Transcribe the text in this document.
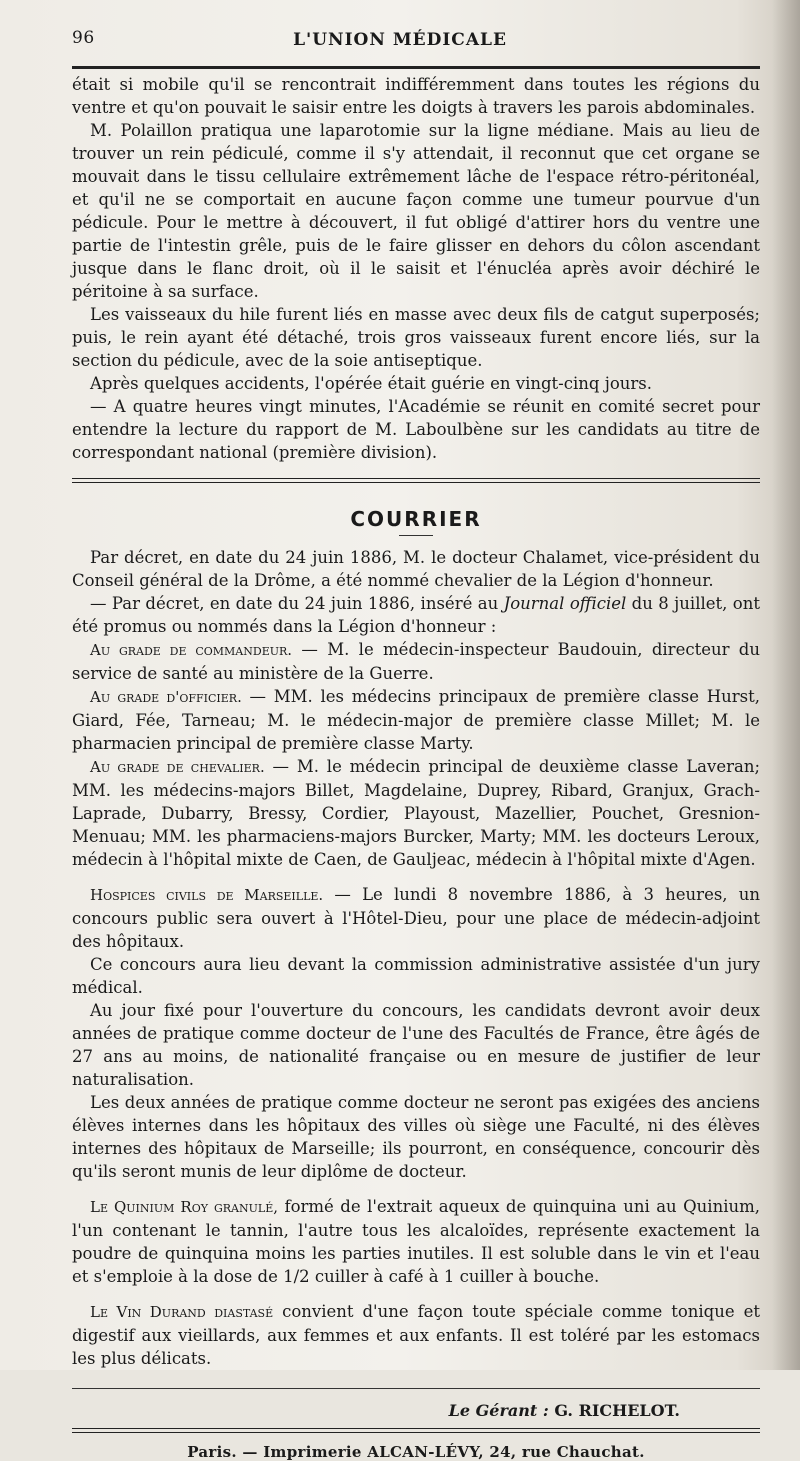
96	L'UNION MÉDICALE

était si mobile qu'il se rencontrait indifféremment dans toutes les régions du ventre et qu'on pouvait le saisir entre les doigts à travers les parois abdominales.

M. Polaillon pratiqua une laparotomie sur la ligne médiane. Mais au lieu de trouver un rein pédiculé, comme il s'y attendait, il reconnut que cet organe se mouvait dans le tissu cellulaire extrêmement lâche de l'espace rétro-péritonéal, et qu'il ne se comportait en aucune façon comme une tumeur pourvue d'un pédicule. Pour le mettre à découvert, il fut obligé d'attirer hors du ventre une partie de l'intestin grêle, puis de le faire glisser en dehors du côlon ascendant jusque dans le flanc droit, où il le saisit et l'énucléa après avoir déchiré le péritoine à sa surface.

Les vaisseaux du hile furent liés en masse avec deux fils de catgut superposés; puis, le rein ayant été détaché, trois gros vaisseaux furent encore liés, sur la section du pédicule, avec de la soie antiseptique.

Après quelques accidents, l'opérée était guérie en vingt-cinq jours.

— A quatre heures vingt minutes, l'Académie se réunit en comité secret pour entendre la lecture du rapport de M. Laboulbène sur les candidats au titre de correspondant national (première division).

COURRIER

Par décret, en date du 24 juin 1886, M. le docteur Chalamet, vice-président du Conseil général de la Drôme, a été nommé chevalier de la Légion d'honneur.

— Par décret, en date du 24 juin 1886, inséré au Journal officiel du 8 juillet, ont été promus ou nommés dans la Légion d'honneur :

Au grade de commandeur. — M. le médecin-inspecteur Baudouin, directeur du service de santé au ministère de la Guerre.

Au grade d'officier. — MM. les médecins principaux de première classe Hurst, Giard, Fée, Tarneau; M. le médecin-major de première classe Millet; M. le pharmacien principal de première classe Marty.

Au grade de chevalier. — M. le médecin principal de deuxième classe Laveran; MM. les médecins-majors Billet, Magdelaine, Duprey, Ribard, Granjux, Grach-Laprade, Dubarry, Bressy, Cordier, Playoust, Mazellier, Pouchet, Gresnion-Menuau; MM. les pharmaciens-majors Burcker, Marty; MM. les docteurs Leroux, médecin à l'hôpital mixte de Caen, de Gauljeac, médecin à l'hôpital mixte d'Agen.

Hospices civils de Marseille. — Le lundi 8 novembre 1886, à 3 heures, un concours public sera ouvert à l'Hôtel-Dieu, pour une place de médecin-adjoint des hôpitaux.

Ce concours aura lieu devant la commission administrative assistée d'un jury médical.

Au jour fixé pour l'ouverture du concours, les candidats devront avoir deux années de pratique comme docteur de l'une des Facultés de France, être âgés de 27 ans au moins, de nationalité française ou en mesure de justifier de leur naturalisation.

Les deux années de pratique comme docteur ne seront pas exigées des anciens élèves internes dans les hôpitaux des villes où siège une Faculté, ni des élèves internes des hôpitaux de Marseille; ils pourront, en conséquence, concourir dès qu'ils seront munis de leur diplôme de docteur.

Le Quinium Roy granulé, formé de l'extrait aqueux de quinquina uni au Quinium, l'un contenant le tannin, l'autre tous les alcaloïdes, représente exactement la poudre de quinquina moins les parties inutiles. Il est soluble dans le vin et l'eau et s'emploie à la dose de 1/2 cuiller à café à 1 cuiller à bouche.

Le Vin Durand diastasé convient d'une façon toute spéciale comme tonique et digestif aux vieillards, aux femmes et aux enfants. Il est toléré par les estomacs les plus délicats.

Le Gérant : G. RICHELOT.
Paris. — Imprimerie ALCAN-LÉVY, 24, rue Chauchat.
